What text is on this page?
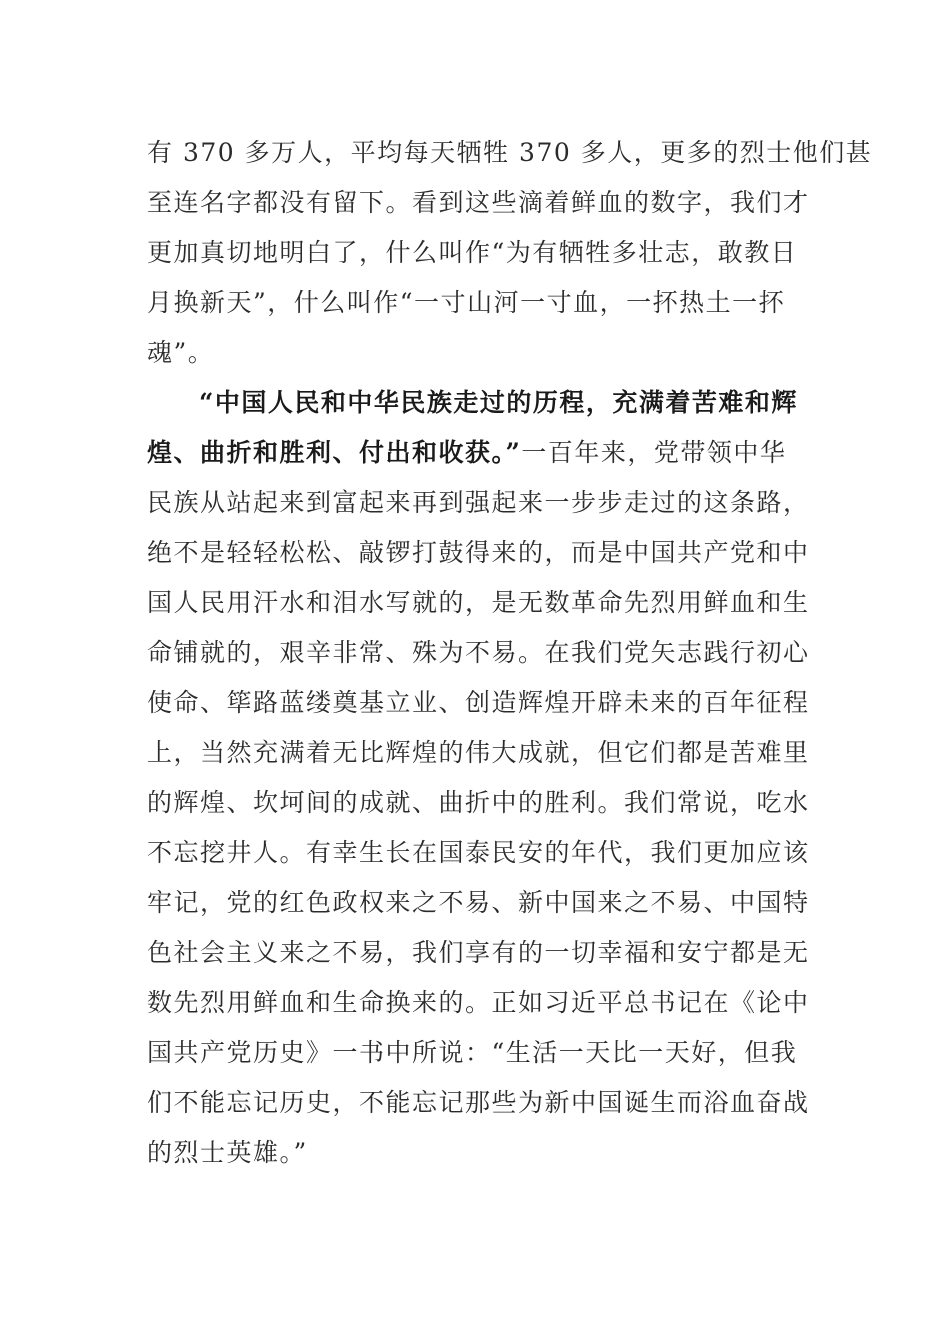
有 370 多万人，平均每天牺牲 370 多人，更多的烈士他们甚
至连名字都没有留下。看到这些滴着鲜血的数字，我们才
更加真切地明白了，什么叫作“为有牺牲多壮志，敢教日
月换新天”，什么叫作“一寸山河一寸血，一抔热土一抔
魂”。

“中国人民和中华民族走过的历程，充满着苦难和辉
煌、曲折和胜利、付出和收获。”一百年来，党带领中华
民族从站起来到富起来再到强起来一步步走过的这条路，
绝不是轻轻松松、敲锣打鼓得来的，而是中国共产党和中
国人民用汗水和泪水写就的，是无数革命先烈用鲜血和生
命铺就的，艰辛非常、殊为不易。在我们党矢志践行初心
使命、筚路蓝缕奠基立业、创造辉煌开辟未来的百年征程
上，当然充满着无比辉煌的伟大成就，但它们都是苦难里
的辉煌、坎坷间的成就、曲折中的胜利。我们常说，吃水
不忘挖井人。有幸生长在国泰民安的年代，我们更加应该
牢记，党的红色政权来之不易、新中国来之不易、中国特
色社会主义来之不易，我们享有的一切幸福和安宁都是无
数先烈用鲜血和生命换来的。正如习近平总书记在《论中
国共产党历史》一书中所说：“生活一天比一天好，但我
们不能忘记历史，不能忘记那些为新中国诞生而浴血奋战
的烈士英雄。”
